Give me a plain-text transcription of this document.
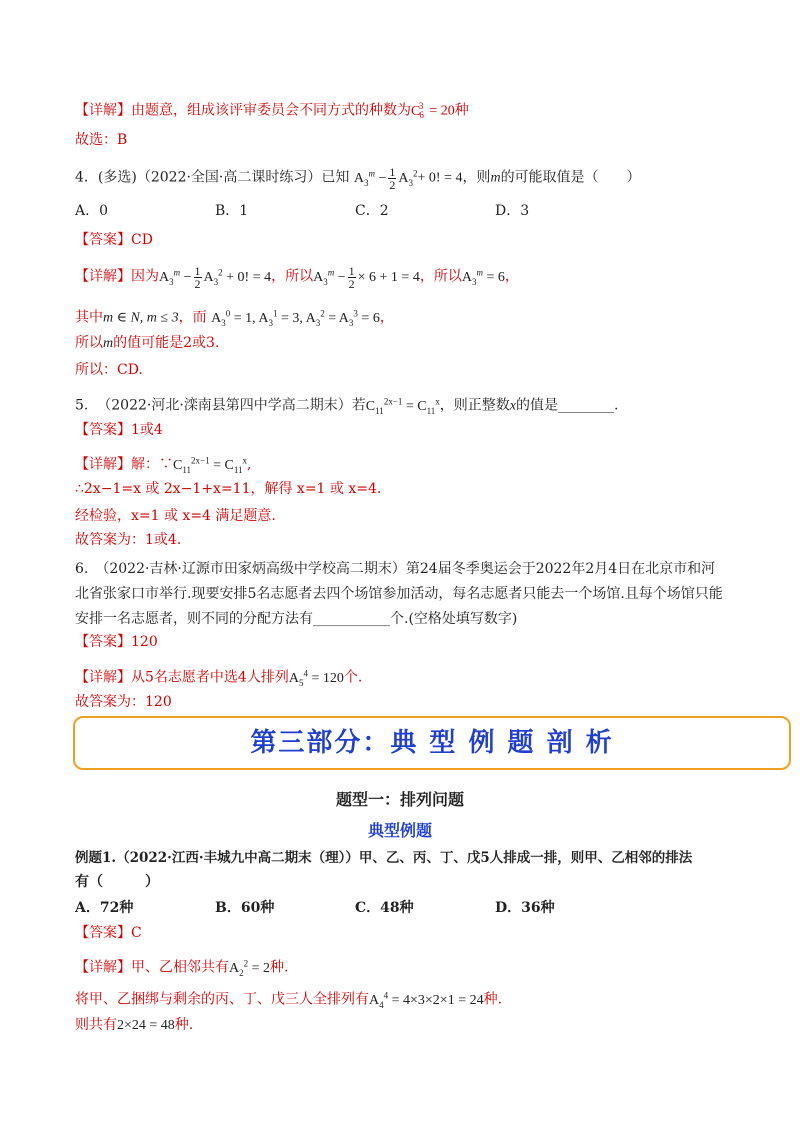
【详解】由题意，组成该评审委员会不同方式的种数为$C_6^3 = 20$种
故选：B
4．(多选)（2022·全国·高二课时练习）已知 $A_3^m - \frac{1}{2} A_3^2+ 0$! = 4，则m的可能取值是（　　）
A．0	B．1	C．2	D．3
【答案】CD
【详解】因为$A_3^m - \frac{1}{2} A_3^2 + 0$! = 4，所以$A_3^m - \frac{1}{2} \times 6 + 1 = 4$，所以$A_3^m = 6$，
其中m ∈ N, m ≤ 3，而 $A_3^0 = 1$, $A_3^1 = 3$, $A_3^2 = A_3^3 = 6$，
所以m的值可能是2或3.
所以：CD.
5. （2022·河北·滦南县第四中学高二期末）若$C_{11}^{2x-1} = C_{11}^x$，则正整数x的值是________.
【答案】1或4
【详解】解：$\because C_{11}^{2x-1} = C_{11}^x$,
∴2x−1=x 或 2x−1+x=11，解得 x=1 或 x=4.
经检验，x=1 或 x=4 满足题意.
故答案为：1或4.
6.　（2022·吉林·辽源市田家炳高级中学校高二期末）第24届冬季奥运会于2022年2月4日在北京市和河
北省张家口市举行.现要安排5名志愿者去四个场馆参加活动，每名志愿者只能去一个场馆.且每个场馆只能
安排一名志愿者，则不同的分配方法有___________个.(空格处填写数字)
【答案】120
【详解】从5名志愿者中选4人排列$A_5^4 = 120$个.
故答案为：120
第三部分：典 型 例 题 剖 析
题型一：排列问题
典型例题
例题1.（2022·江西·丰城九中高二期末（理））甲、乙、丙、丁、戊5人排成一排，则甲、乙相邻的排法
有（　　　）
A．72种	B．60种	C．48种	D．36种
【答案】C
【详解】甲、乙相邻共有$A_2^2 = 2$种.
将甲、乙捆绑与剩余的丙、丁、戊三人全排列有$A_4^4 = 4\times 3\times 2\times 1 = 24$种.
则共有2×24 = 48种.
